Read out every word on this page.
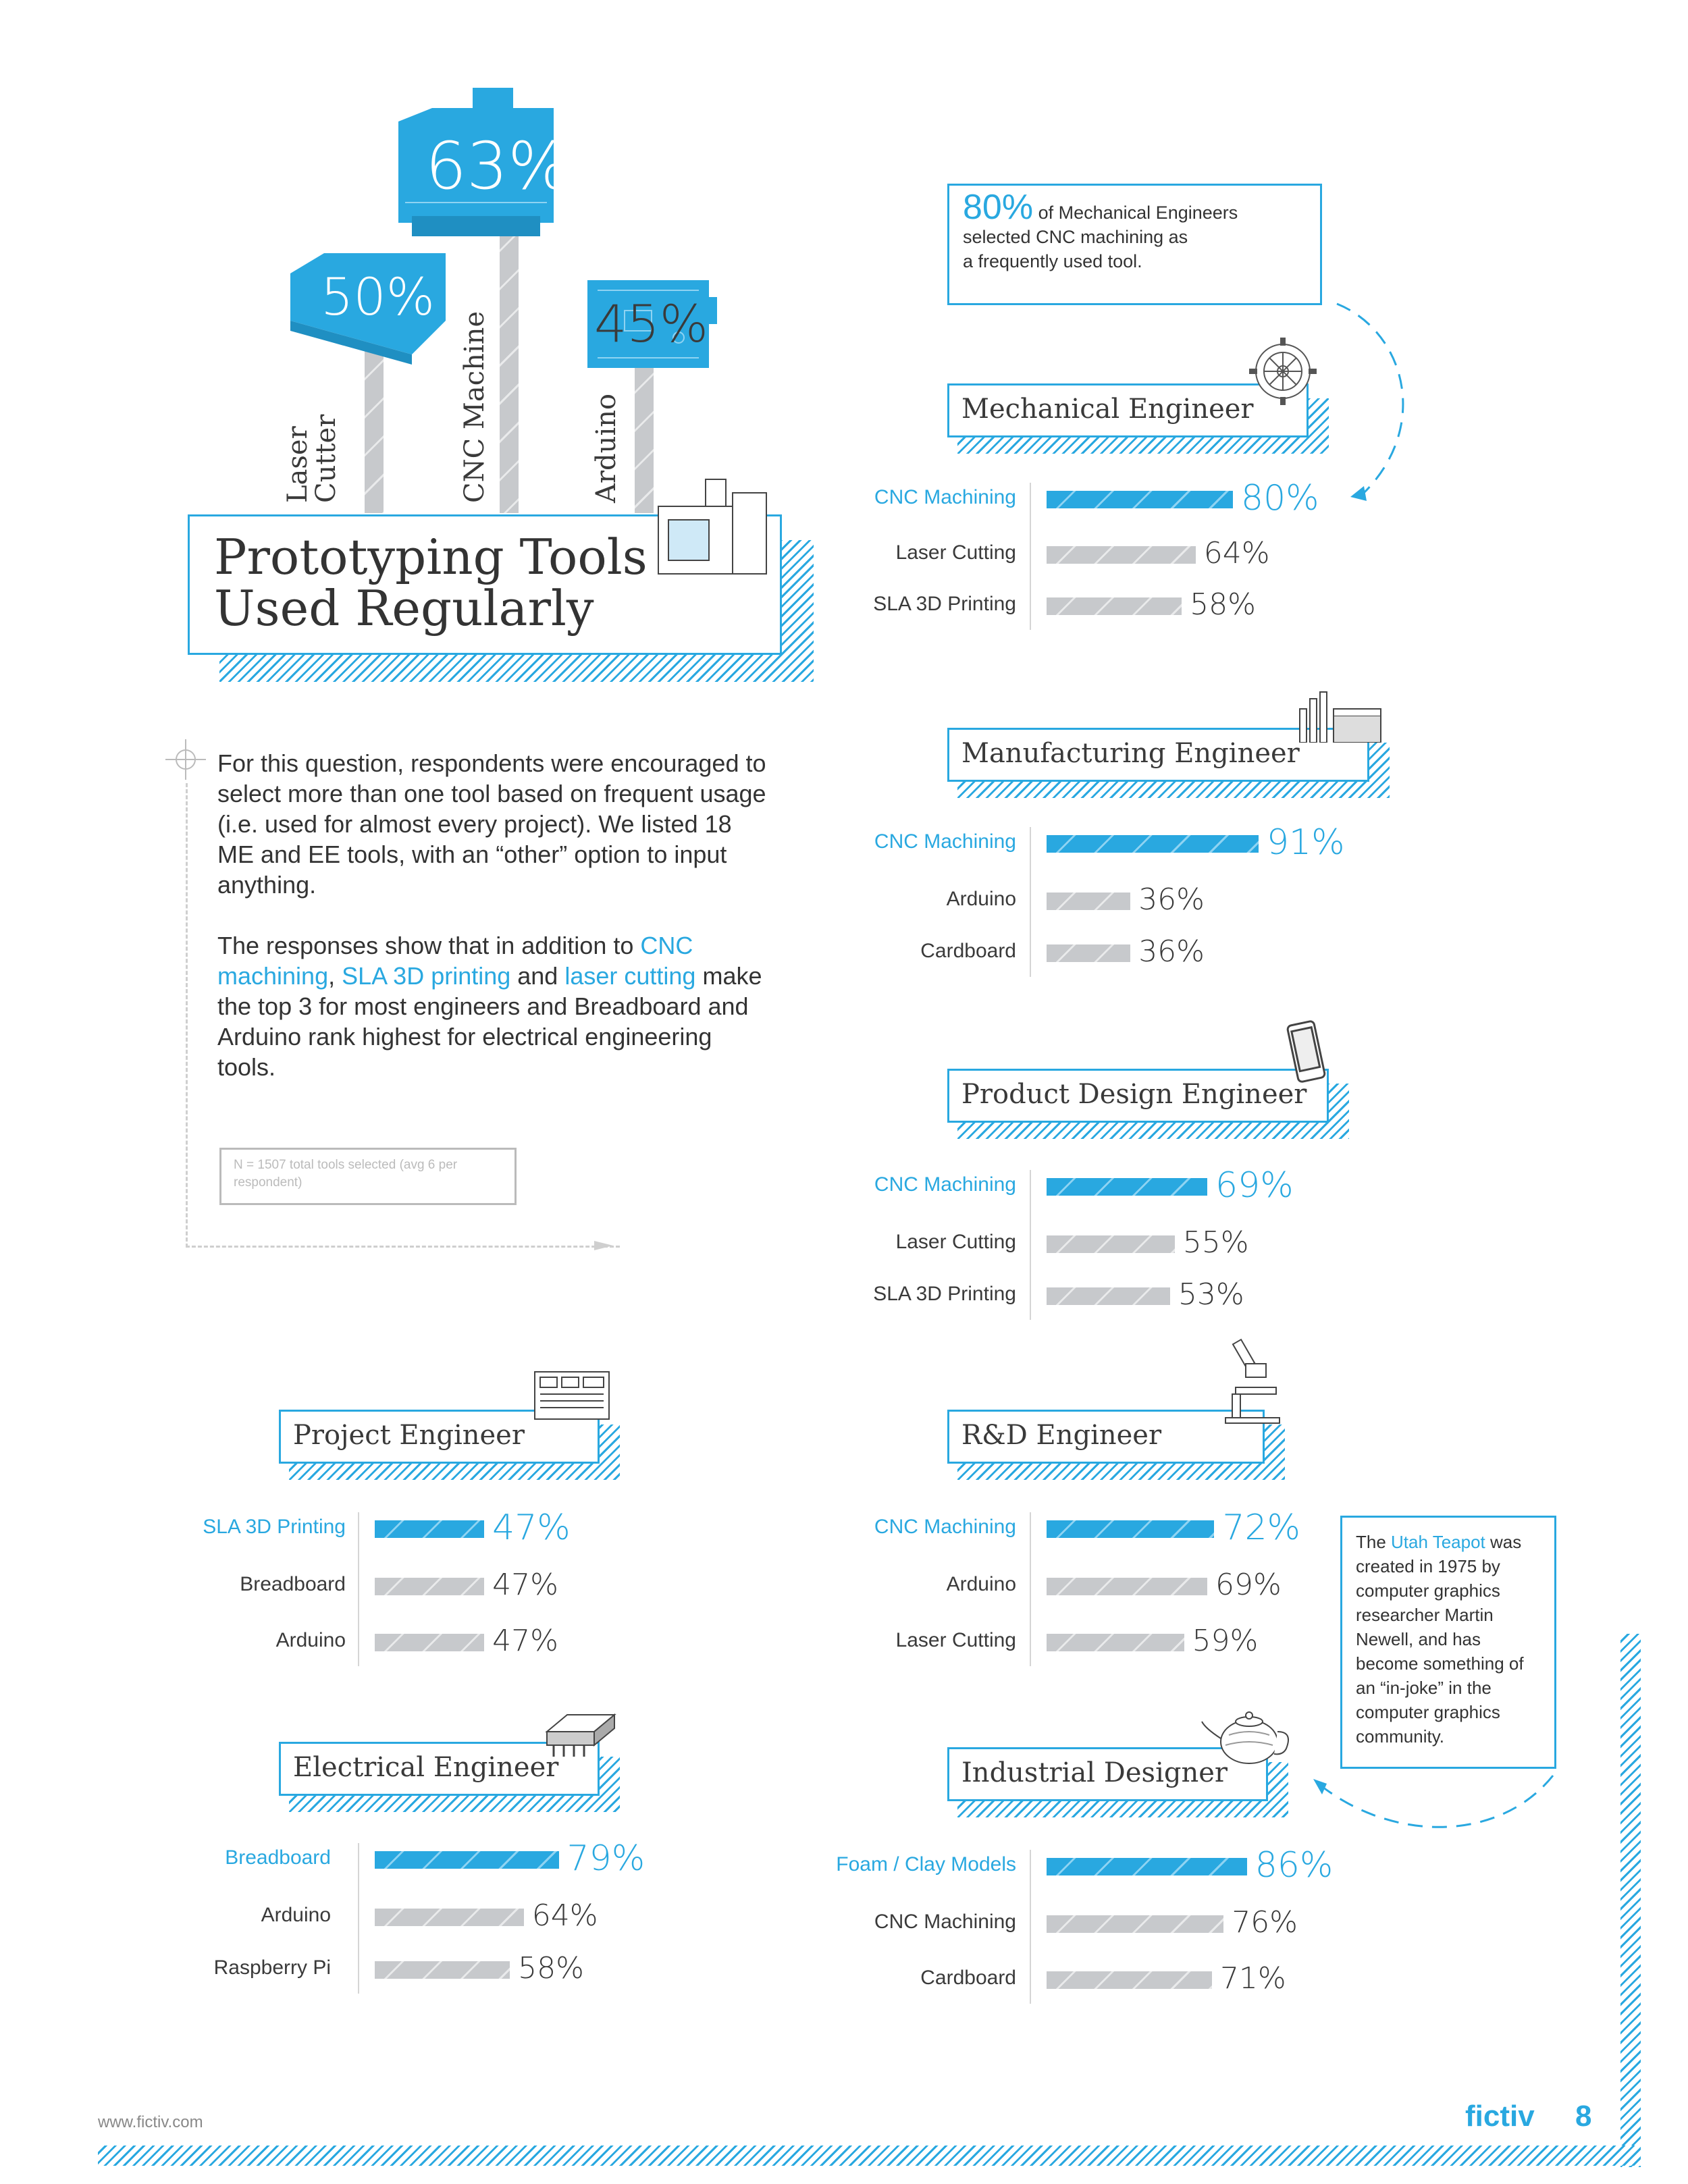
63%
50%	45%
Laser
Cutter	CNC Machine	Arduino
Prototyping Tools
Used Regularly
80% of Mechanical Engineers
selected CNC machining as
a frequently used tool.

For this question, respondents were encouraged to select more than one tool based on frequent usage (i.e. used for almost every project). We listed 18 ME and EE tools, with an “other” option to input anything.

The responses show that in addition to CNC machining, SLA 3D printing and laser cutting make the top 3 for most engineers and Breadboard and Arduino rank highest for electrical engineering tools.

N = 1507 total tools selected (avg 6 per respondent)
Mechanical Engineer
Manufacturing Engineer
Product Design Engineer
R&D Engineer
Industrial Designer
Project Engineer
Electrical Engineer
The Utah Teapot was created in 1975 by computer graphics researcher Martin Newell, and has become something of an “in-joke” in the computer graphics community.
CNC Machining	80%
Laser Cutting	64%
SLA 3D Printing	58%
CNC Machining	91%
Arduino	36%
Cardboard	36%
CNC Machining	69%
Laser Cutting	55%
SLA 3D Printing	53%
CNC Machining	72%
Arduino	69%
Laser Cutting	59%
Foam / Clay Models	86%
CNC Machining	76%
Cardboard	71%
SLA 3D Printing	47%
Breadboard	47%
Arduino	47%
Breadboard	79%
Arduino	64%
Raspberry Pi	58%
www.fictiv.com	fictiv 8
